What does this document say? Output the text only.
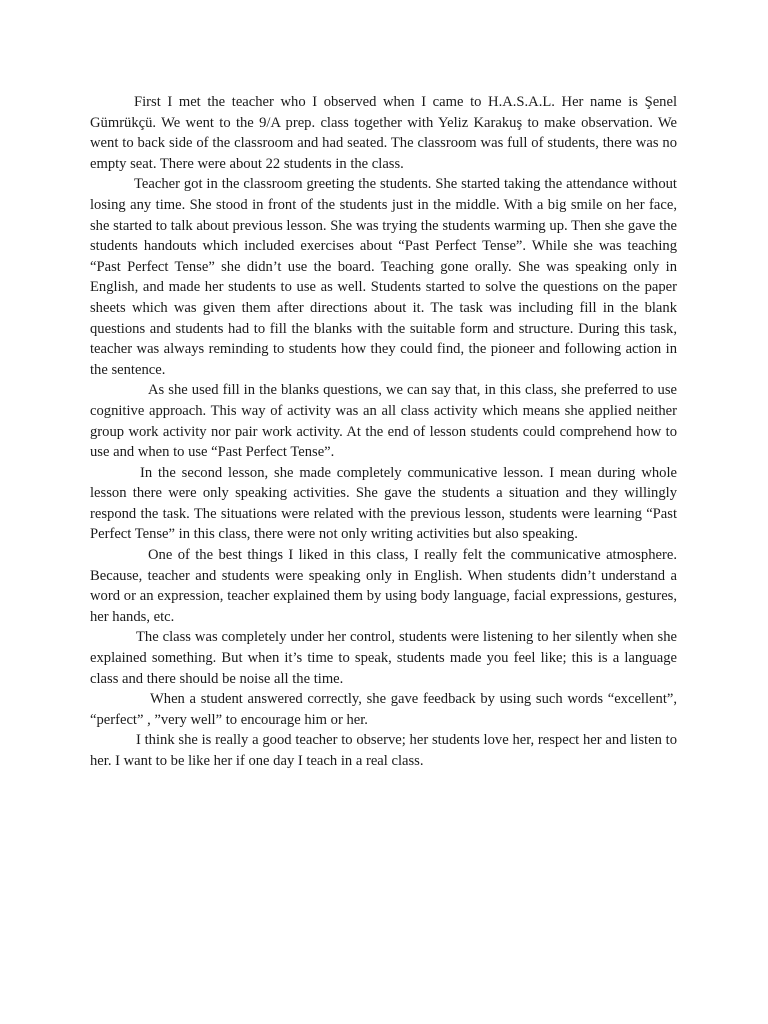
First I met the teacher who I observed when I came to H.A.S.A.L. Her name is Şenel Gümrükçü. We went to the 9/A prep. class together with Yeliz Karakuş to make observation. We went to back side of the classroom and had seated. The classroom was full of students, there was no empty seat. There were about 22 students in the class.

Teacher got in the classroom greeting the students. She started taking the attendance without losing any time. She stood in front of the students just in the middle. With a big smile on her face, she started to talk about previous lesson. She was trying the students warming up. Then she gave the students handouts which included exercises about “Past Perfect Tense”. While she was teaching “Past Perfect Tense” she didn’t use the board. Teaching gone orally. She was speaking only in English, and made her students to use as well. Students started to solve the questions on the paper sheets which was given them after directions about it. The task was including fill in the blank questions and students had to fill the blanks with the suitable form and structure. During this task, teacher was always reminding to students how they could find, the pioneer and following action in the sentence.

As she used fill in the blanks questions, we can say that, in this class, she preferred to use cognitive approach. This way of activity was an all class activity which means she applied neither group work activity nor pair work activity. At the end of lesson students could comprehend how to use and when to use “Past Perfect Tense”.

In the second lesson, she made completely communicative lesson. I mean during whole lesson there were only speaking activities. She gave the students a situation and they willingly respond the task. The situations were related with the previous lesson, students were learning “Past Perfect Tense” in this class, there were not only writing activities but also speaking.

One of the best things I liked in this class, I really felt the communicative atmosphere. Because, teacher and students were speaking only in English. When students didn’t understand a word or an expression, teacher explained them by using body language, facial expressions, gestures, her hands, etc.

The class was completely under her control, students were listening to her silently when she explained something. But when it’s time to speak, students made you feel like; this is a language class and there should be noise all the time.

When a student answered correctly, she gave feedback by using such words “excellent”, “perfect” , ”very well” to encourage him or her.

I think she is really a good teacher to observe; her students love her, respect her and listen to her. I want to be like her if one day I teach in a real class.
